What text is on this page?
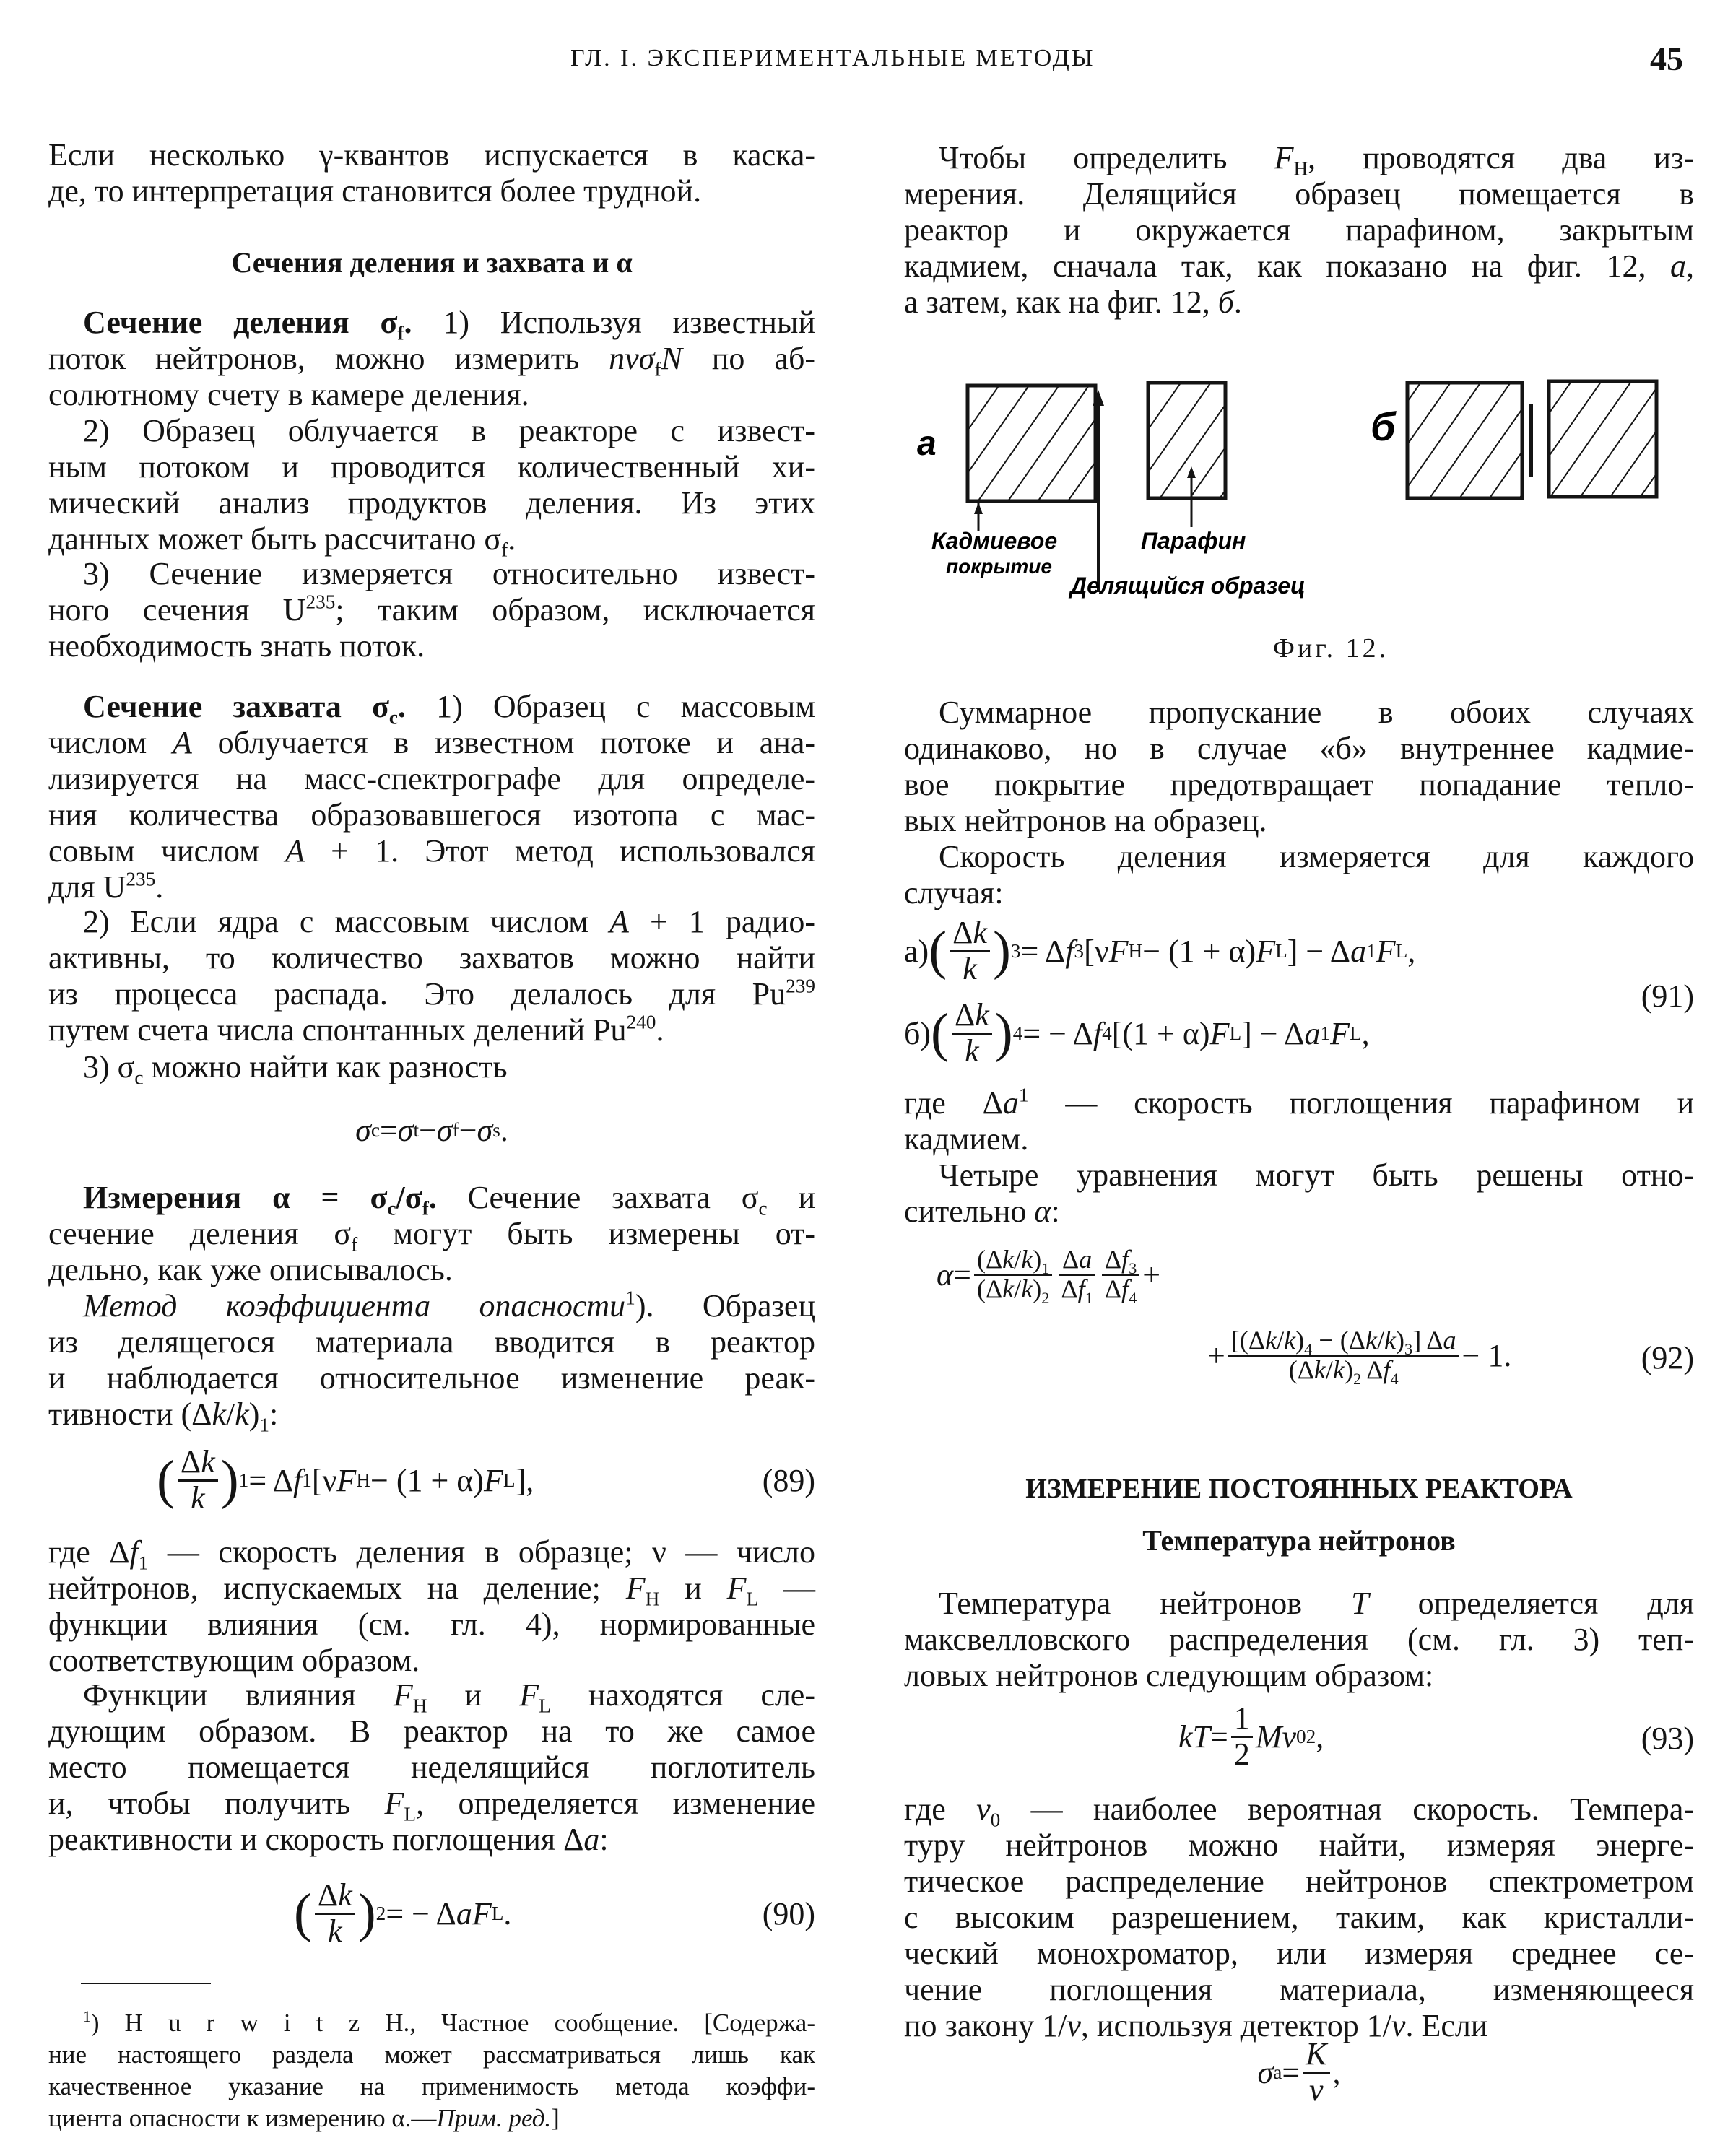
ГЛ. I. ЭКСПЕРИМЕНТАЛЬНЫЕ МЕТОДЫ	45
Если несколько γ-квантов испускается в каска-
де, то интерпретация становится более трудной.
Сечения деления и захвата и α
Сечение деления $\sigma_f$. 1) Используя известный
поток нейтронов, можно измерить nvσ$_f$N по аб-
солютному счету в камере деления.
2) Образец облучается в реакторе с извест-
ным потоком и проводится количественный хи-
мический анализ продуктов деления. Из этих
данных может быть рассчитано $\sigma_f$.
3) Сечение измеряется относительно извест-
ного сечения $U^{235}$; таким образом, исключается
необходимость знать поток.
Сечение захвата $\sigma_c$. 1) Образец с массовым
числом A облучается в известном потоке и ана-
лизируется на масс-спектрографе для определе-
ния количества образовавшегося изотопа с мас-
совым числом A + 1. Этот метод использовался
для $U^{235}$.
2) Если ядра с массовым числом A + 1 радио-
активны, то количество захватов можно найти
из процесса распада. Это делалось для Pu$^{239}$
путем счета числа спонтанных делений Pu$^{240}$.
3) $\sigma_c$ можно найти как разность
σ c = σ t − σ f − σ s .
Измерения $\alpha = \sigma_c/\sigma_f$. Сечение захвата $\sigma_c$ и
сечение деления $\sigma_f$ могут быть измерены от-
дельно, как уже описывалось.
Метод коэффициента опасности$^1$). Образец
из делящегося материала вводится в реактор
и наблюдается относительное изменение реак-
тивности $(\Delta k/k)_1$:
( $\frac{\Delta k}{k}$ ) 1 = Δ f 1 [ν F H − (1 + α) F L ],	(89)
где $\Delta f_1$ — скорость деления в образце; ν — число
нейтронов, испускаемых на деление; $F_H$ и $F_L$ —
функции влияния (см. гл. 4), нормированные
соответствующим образом.
Функции влияния $F_H$ и $F_L$ находятся сле-
дующим образом. В реактор на то же самое
место помещается неделящийся поглотитель
и, чтобы получить $F_L$, определяется изменение
реактивности и скорость поглощения Δa:
( $\frac{\Delta k}{k}$ ) 2 = − Δ aF L .	(90)
$^1$) H u r w i t z H., Частное сообщение. [Содержа-
ние настоящего раздела может рассматриваться лишь как
качественное указание на применимость метода коэффи-
циента опасности к измерению α.—Прим. ред.]
Чтобы определить $F_H$, проводятся два из-
мерения. Делящийся образец помещается в
реактор и окружается парафином, закрытым
кадмием, сначала так, как показано на фиг. 12, а,
а затем, как на фиг. 12, б.
а
Кадмиевое
покрытие
Парафин
Делящийся образец
б
Фиг. 12.
Суммарное пропускание в обоих случаях
одинаково, но в случае «б» внутреннее кадмие-
вое покрытие предотвращает попадание тепло-
вых нейтронов на образец.
Скорость деления измеряется для каждого
случая:
а) ( $\frac{\Delta k}{k}$ ) 3 = Δ f 3 [ν F H − (1 + α) F L ] − Δ a 1 F L ,
б) ( $\frac{\Delta k}{k}$ ) 4 = − Δ f 4 [(1 + α) F L ] − Δ a 1 F L ,
(91)
где $\Delta a^1$ — скорость поглощения парафином и
кадмием.
Четыре уравнения могут быть решены отно-
сительно α:
$\alpha = \frac{(\Delta k/k)_1}{(\Delta k/k)_2} \frac{\Delta a}{\Delta f_1} \frac{\Delta f_3}{\Delta f_4}$ +
+ $\frac{[(\Delta k/k)_4 - (\Delta k/k)_3] \Delta a}{(\Delta k/k)_2 \Delta f_4} - 1$.	(92)
ИЗМЕРЕНИЕ ПОСТОЯННЫХ РЕАКТОРА
Температура нейтронов
Температура нейтронов T определяется для
максвелловского распределения (см. гл. 3) теп-
ловых нейтронов следующим образом:
kT = $\frac{1}{2}$ Mv 0 2 ,	(93)
где $v_0$ — наиболее вероятная скорость. Темпера-
туру нейтронов можно найти, измеряя энерге-
тическое распределение нейтронов спектрометром
с высоким разрешением, таким, как кристалли-
ческий монохроматор, или измеряя среднее се-
чение поглощения материала, изменяющееся
по закону 1/v, используя детектор 1/v. Если
σ $a = \frac{K}{v}$ ,
